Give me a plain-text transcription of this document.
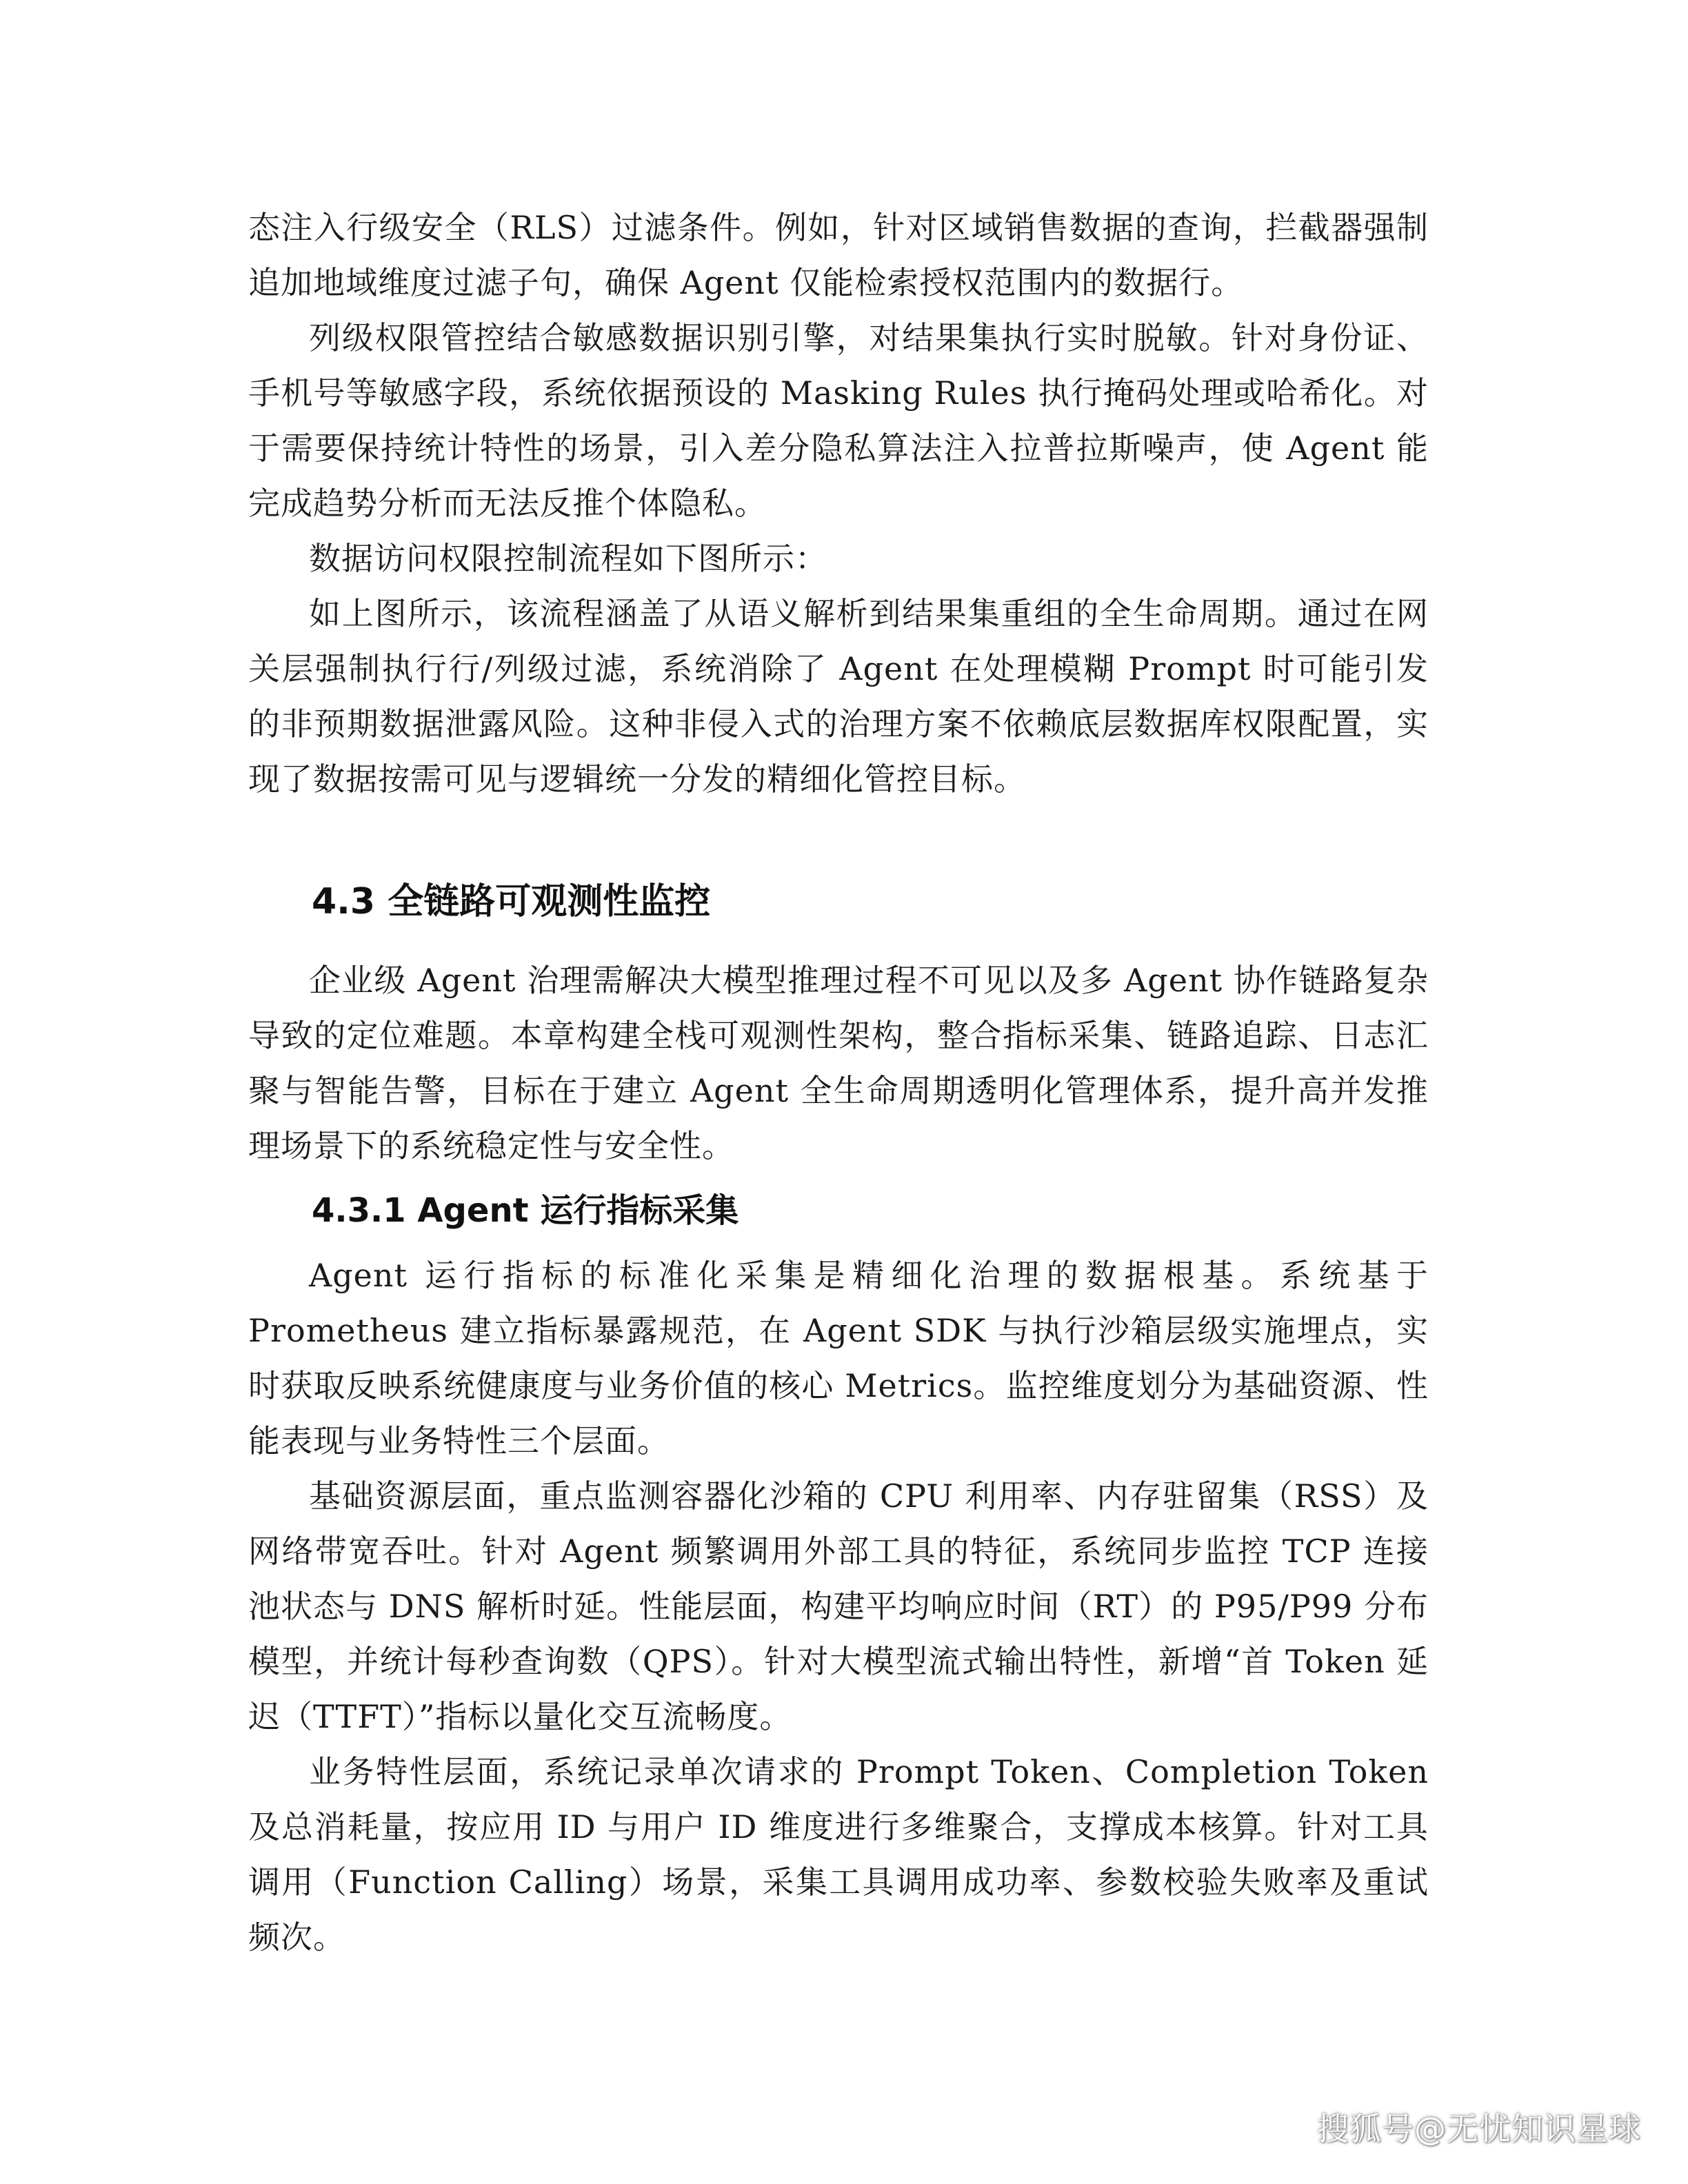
态注入行级安全（RLS）过滤条件。例如，针对区域销售数据的查询，拦截器强制追加地域维度过滤子句，确保 Agent 仅能检索授权范围内的数据行。

列级权限管控结合敏感数据识别引擎，对结果集执行实时脱敏。针对身份证、手机号等敏感字段，系统依据预设的 Masking Rules 执行掩码处理或哈希化。对于需要保持统计特性的场景，引入差分隐私算法注入拉普拉斯噪声，使 Agent 能完成趋势分析而无法反推个体隐私。

数据访问权限控制流程如下图所示：

如上图所示，该流程涵盖了从语义解析到结果集重组的全生命周期。通过在网关层强制执行行/列级过滤，系统消除了 Agent 在处理模糊 Prompt 时可能引发的非预期数据泄露风险。这种非侵入式的治理方案不依赖底层数据库权限配置，实现了数据按需可见与逻辑统一分发的精细化管控目标。

4.3 全链路可观测性监控

企业级 Agent 治理需解决大模型推理过程不可见以及多 Agent 协作链路复杂导致的定位难题。本章构建全栈可观测性架构，整合指标采集、链路追踪、日志汇聚与智能告警，目标在于建立 Agent 全生命周期透明化管理体系，提升高并发推理场景下的系统稳定性与安全性。

4.3.1 Agent 运行指标采集

Agent 运行指标的标准化采集是精细化治理的数据根基。系统基于 Prometheus 建立指标暴露规范，在 Agent SDK 与执行沙箱层级实施埋点，实时获取反映系统健康度与业务价值的核心 Metrics。监控维度划分为基础资源、性能表现与业务特性三个层面。

基础资源层面，重点监测容器化沙箱的 CPU 利用率、内存驻留集（RSS）及网络带宽吞吐。针对 Agent 频繁调用外部工具的特征，系统同步监控 TCP 连接池状态与 DNS 解析时延。性能层面，构建平均响应时间（RT）的 P95/P99 分布模型，并统计每秒查询数（QPS）。针对大模型流式输出特性，新增“首 Token 延迟（TTFT）”指标以量化交互流畅度。

业务特性层面，系统记录单次请求的 Prompt Token、Completion Token 及总消耗量，按应用 ID 与用户 ID 维度进行多维聚合，支撑成本核算。针对工具调用（Function Calling）场景，采集工具调用成功率、参数校验失败率及重试频次。

搜狐号@无忧知识星球
